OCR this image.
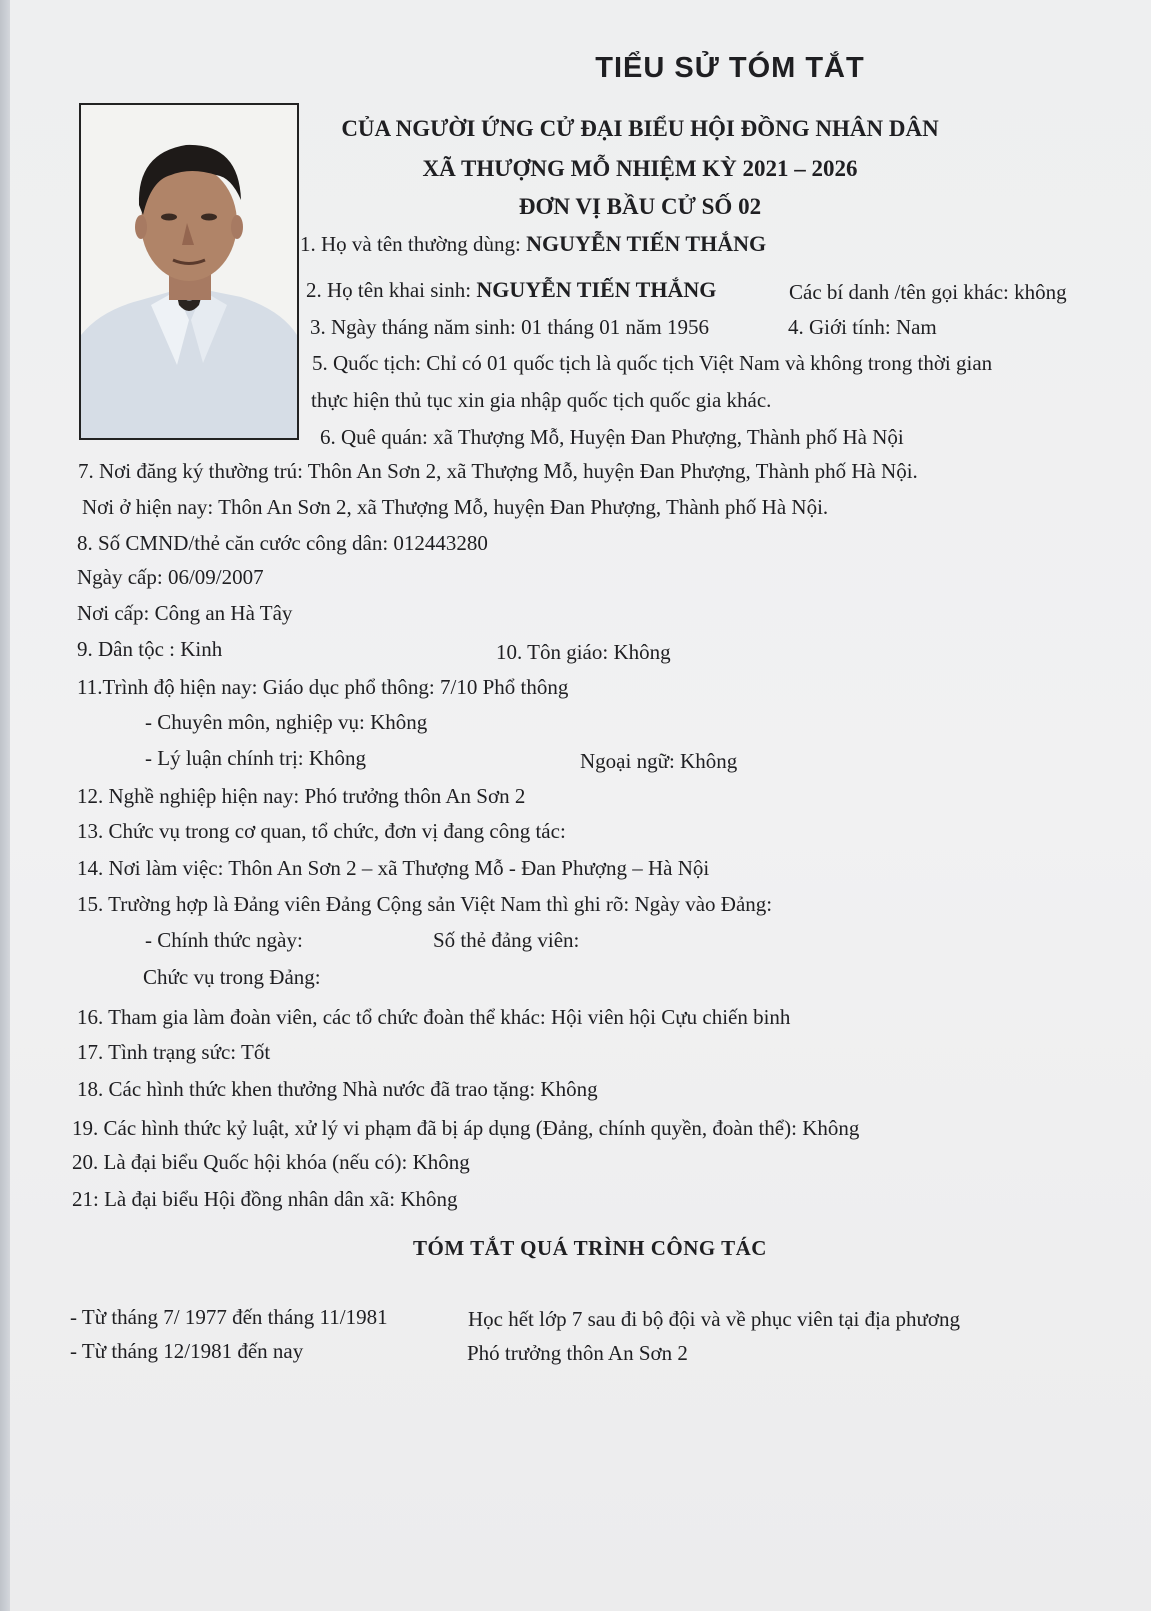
TIỂU SỬ TÓM TẮT
CỦA NGƯỜI ỨNG CỬ ĐẠI BIỂU HỘI ĐỒNG NHÂN DÂN
XÃ THƯỢNG MỖ NHIỆM KỲ 2021 – 2026
ĐƠN VỊ BẦU CỬ SỐ 02
1. Họ và tên thường dùng: NGUYỄN TIẾN THẮNG
2. Họ tên khai sinh: NGUYỄN TIẾN THẮNG	Các bí danh /tên gọi khác: không
3. Ngày tháng năm sinh: 01 tháng 01 năm 1956	4. Giới tính: Nam
5. Quốc tịch: Chỉ có 01 quốc tịch là quốc tịch Việt Nam và không trong thời gian
thực hiện thủ tục xin gia nhập quốc tịch quốc gia khác.
6. Quê quán: xã Thượng Mỗ, Huyện Đan Phượng, Thành phố Hà Nội
7. Nơi đăng ký thường trú: Thôn An Sơn 2, xã Thượng Mỗ, huyện Đan Phượng, Thành phố Hà Nội.
Nơi ở hiện nay: Thôn An Sơn 2, xã Thượng Mỗ, huyện Đan Phượng, Thành phố Hà Nội.
8. Số CMND/thẻ căn cước công dân: 012443280
Ngày cấp: 06/09/2007
Nơi cấp: Công an Hà Tây
9. Dân tộc : Kinh	10. Tôn giáo: Không
11.Trình độ hiện nay: Giáo dục phổ thông: 7/10 Phổ thông
- Chuyên môn, nghiệp vụ: Không
- Lý luận chính trị: Không	Ngoại ngữ: Không
12. Nghề nghiệp hiện nay: Phó trưởng thôn An Sơn 2
13. Chức vụ trong cơ quan, tổ chức, đơn vị đang công tác:
14. Nơi làm việc: Thôn An Sơn 2 – xã Thượng Mỗ - Đan Phượng – Hà Nội
15. Trường hợp là Đảng viên Đảng Cộng sản Việt Nam thì ghi rõ: Ngày vào Đảng:
- Chính thức ngày:	Số thẻ đảng viên:
Chức vụ trong Đảng:
16. Tham gia làm đoàn viên, các tổ chức đoàn thể khác: Hội viên hội Cựu chiến binh
17. Tình trạng sức: Tốt
18. Các hình thức khen thưởng Nhà nước đã trao tặng: Không
19. Các hình thức kỷ luật, xử lý vi phạm đã bị áp dụng (Đảng, chính quyền, đoàn thể): Không
20. Là đại biểu Quốc hội khóa (nếu có): Không
21: Là đại biểu Hội đồng nhân dân xã: Không
TÓM TẮT QUÁ TRÌNH CÔNG TÁC
- Từ tháng 7/ 1977 đến tháng 11/1981	Học hết lớp 7 sau đi bộ đội và về phục viên tại địa phương
- Từ tháng 12/1981 đến nay	Phó trưởng thôn An Sơn 2
